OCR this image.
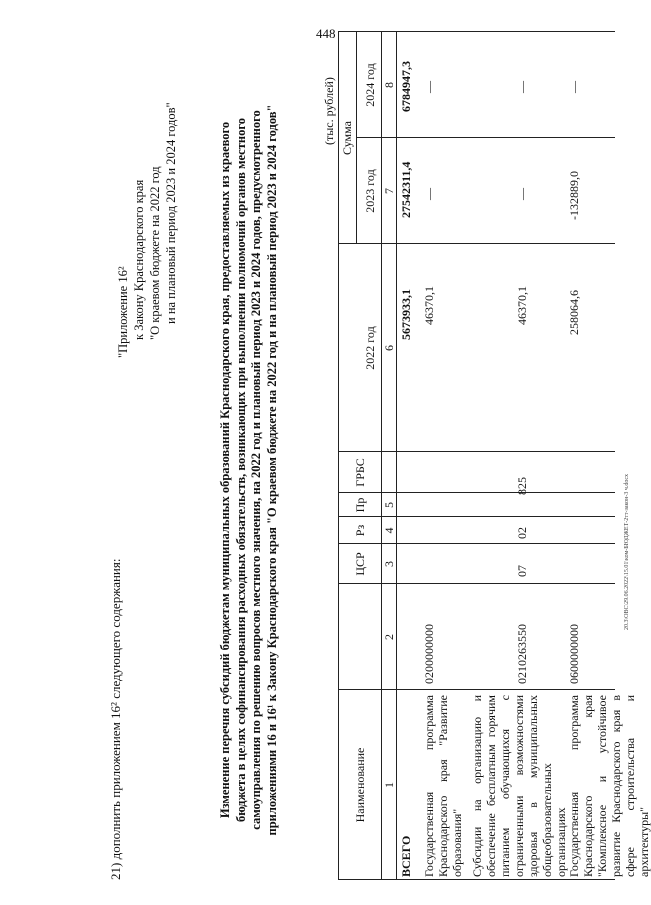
448
20.3\OBC\29.06.2022\15.01\ком-БЮДЖЕТ-2тт-закон-3 ч.docx
21) дополнить приложением 16² следующего содержания:
"Приложение 16² к Закону Краснодарского края "О краевом бюджете на 2022 год и на плановый период 2023 и 2024 годов"	Изменение перечня субсидий бюджетам муниципальных образований Краснодарского края, предоставляемых из краевого бюджета в целях софинансирования расходных обязательств, возникающих при выполнении полномочий органов местного самоуправления по решению вопросов местного значения, на 2022 год и плановый период 2023 и 2024 годов, предусмотренного приложениями 16 и 16¹ к Закону Краснодарского края "О краевом бюджете на 2022 год и на плановый период 2023 и 2024 годов"	(тыс. рублей)
Наименование
ЦСР
Рз
Пр
ГРБС
Сумма
2022 год
2023 год
2024 год
1
2
3
4
5
6
7
8
ВСЕГО
5673933,1
27542311,4
6784947,3
Государственная программа Краснодарского края "Развитие образования"
0200000000
46370,1
—
—
Субсидии на организацию и обеспечение бесплатным горячим питанием обучающихся с ограниченными возможностями здоровья в муниципальных общеобразовательных организациях
0210263550
07
02
825
46370,1
—
—
Государственная программа Краснодарского края "Комплексное и устойчивое развитие Краснодарского края в сфере строительства и архитектуры"
0600000000
258064,6
-132889,0
—
